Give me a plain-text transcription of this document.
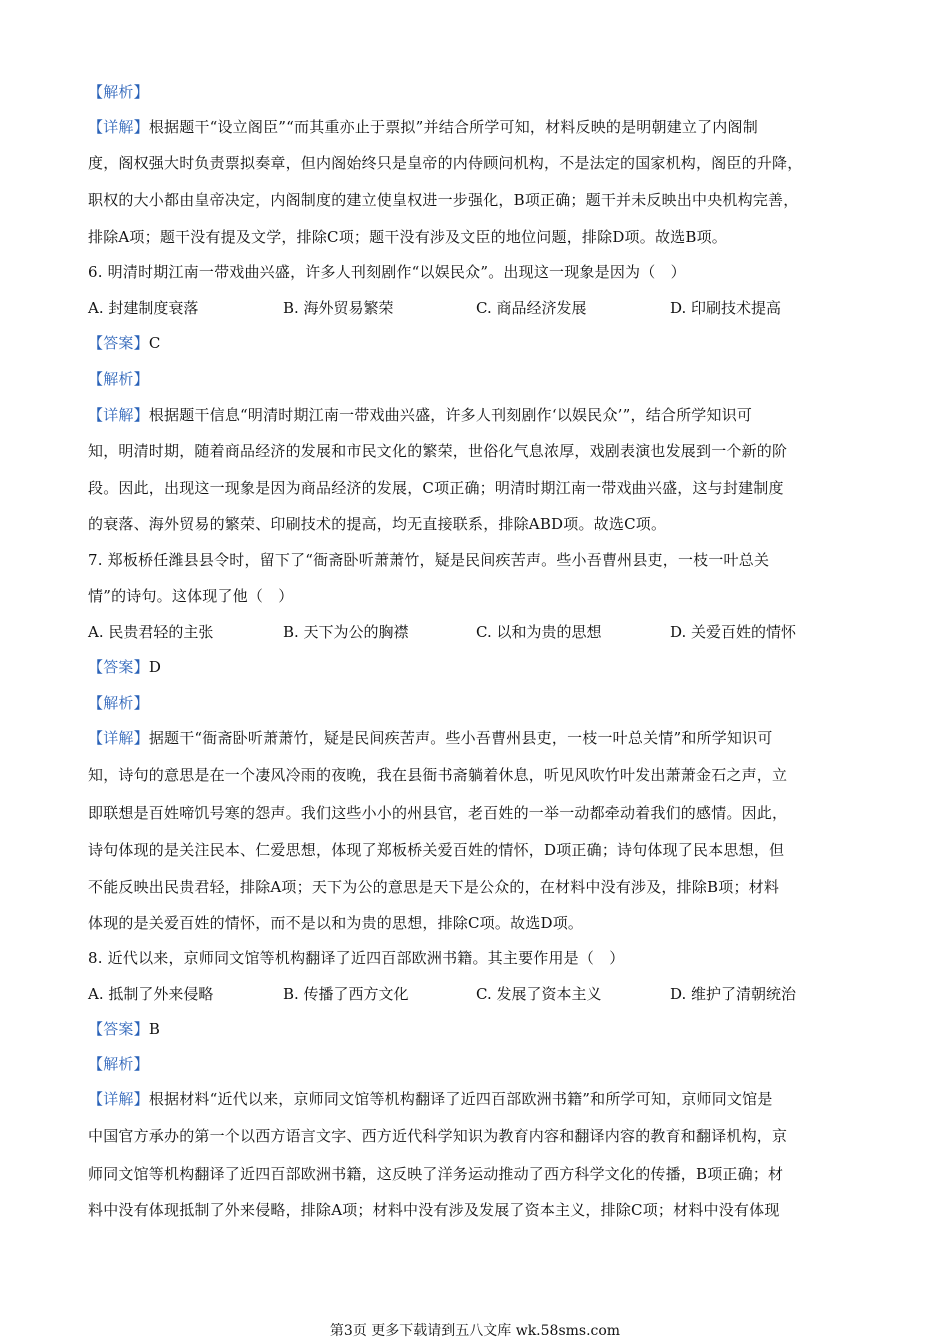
【解析】
【详解】根据题干“设立阁臣”“而其重亦止于票拟”并结合所学可知，材料反映的是明朝建立了内阁制
度，阁权强大时负责票拟奏章，但内阁始终只是皇帝的内侍顾问机构，不是法定的国家机构，阁臣的升降，
职权的大小都由皇帝决定，内阁制度的建立使皇权进一步强化，B项正确；题干并未反映出中央机构完善，
排除A项；题干没有提及文学，排除C项；题干没有涉及文臣的地位问题，排除D项。故选B项。
6. 明清时期江南一带戏曲兴盛，许多人刊刻剧作“以娱民众”。出现这一现象是因为（　）
A. 封建制度衰落	B. 海外贸易繁荣	C. 商品经济发展	D. 印刷技术提高
【答案】C
【解析】
【详解】根据题干信息“明清时期江南一带戏曲兴盛，许多人刊刻剧作‘以娱民众’”，结合所学知识可
知，明清时期，随着商品经济的发展和市民文化的繁荣，世俗化气息浓厚，戏剧表演也发展到一个新的阶
段。因此，出现这一现象是因为商品经济的发展，C项正确；明清时期江南一带戏曲兴盛，这与封建制度
的衰落、海外贸易的繁荣、印刷技术的提高，均无直接联系，排除ABD项。故选C项。
7. 郑板桥任潍县县令时，留下了“衙斋卧听萧萧竹，疑是民间疾苦声。些小吾曹州县吏，一枝一叶总关
情”的诗句。这体现了他（　）
A. 民贵君轻的主张	B. 天下为公的胸襟	C. 以和为贵的思想	D. 关爱百姓的情怀
【答案】D
【解析】
【详解】据题干“衙斋卧听萧萧竹，疑是民间疾苦声。些小吾曹州县吏，一枝一叶总关情”和所学知识可
知，诗句的意思是在一个凄风冷雨的夜晚，我在县衙书斋躺着休息，听见风吹竹叶发出萧萧金石之声，立
即联想是百姓啼饥号寒的怨声。我们这些小小的州县官，老百姓的一举一动都牵动着我们的感情。因此，
诗句体现的是关注民本、仁爱思想，体现了郑板桥关爱百姓的情怀，D项正确；诗句体现了民本思想，但
不能反映出民贵君轻，排除A项；天下为公的意思是天下是公众的，在材料中没有涉及，排除B项；材料
体现的是关爱百姓的情怀，而不是以和为贵的思想，排除C项。故选D项。
8. 近代以来，京师同文馆等机构翻译了近四百部欧洲书籍。其主要作用是（　）
A. 抵制了外来侵略	B. 传播了西方文化	C. 发展了资本主义	D. 维护了清朝统治
【答案】B
【解析】
【详解】根据材料“近代以来，京师同文馆等机构翻译了近四百部欧洲书籍”和所学可知，京师同文馆是
中国官方承办的第一个以西方语言文字、西方近代科学知识为教育内容和翻译内容的教育和翻译机构，京
师同文馆等机构翻译了近四百部欧洲书籍，这反映了洋务运动推动了西方科学文化的传播，B项正确；材
料中没有体现抵制了外来侵略，排除A项；材料中没有涉及发展了资本主义，排除C项；材料中没有体现
第3页 更多下载请到五八文库 wk.58sms.com
